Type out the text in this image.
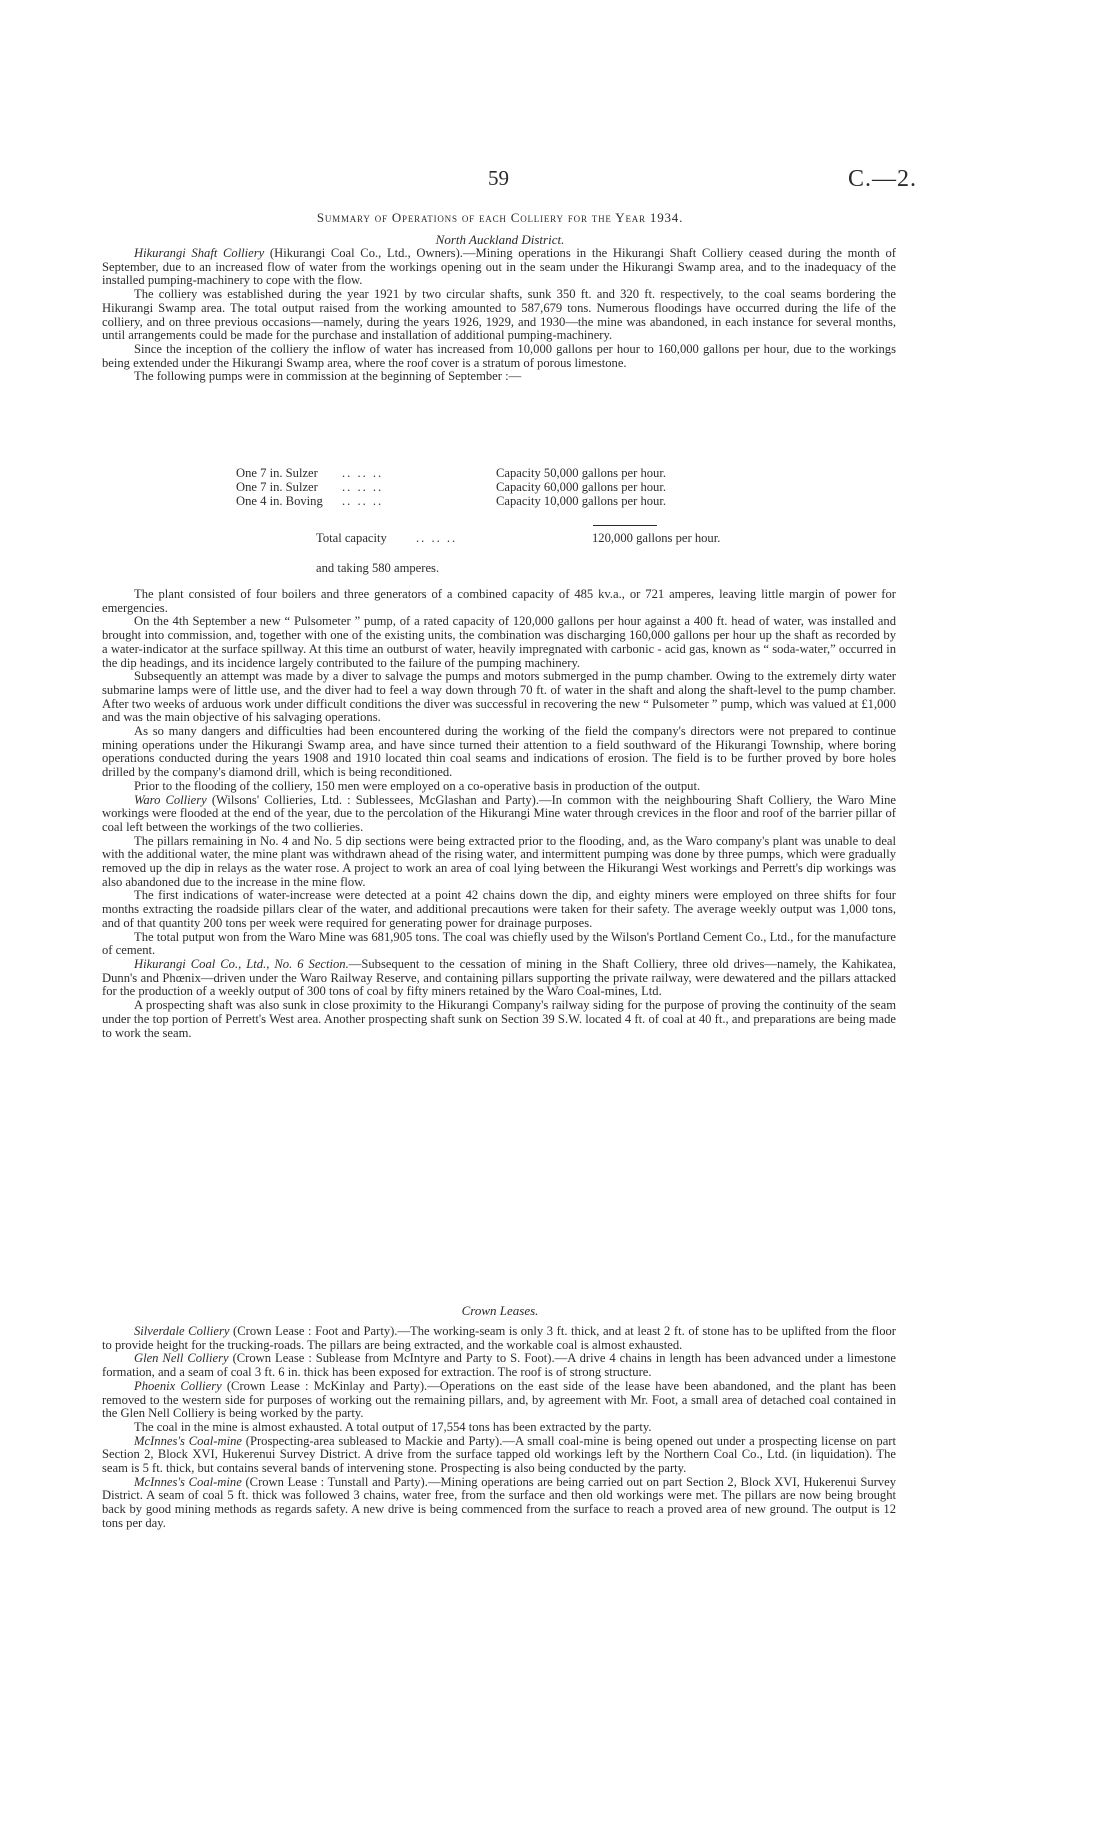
59	C.—2.
Summary of Operations of each Colliery for the Year 1934.
North Auckland District.

Hikurangi Shaft Colliery (Hikurangi Coal Co., Ltd., Owners).—Mining operations in the Hikurangi Shaft Colliery ceased during the month of September, due to an increased flow of water from the workings opening out in the seam under the Hikurangi Swamp area, and to the inadequacy of the installed pumping-machinery to cope with the flow.

The colliery was established during the year 1921 by two circular shafts, sunk 350 ft. and 320 ft. respectively, to the coal seams bordering the Hikurangi Swamp area. The total output raised from the working amounted to 587,679 tons. Numerous floodings have occurred during the life of the colliery, and on three previous occasions—namely, during the years 1926, 1929, and 1930—the mine was abandoned, in each instance for several months, until arrangements could be made for the purchase and installation of additional pumping-machinery.

Since the inception of the colliery the inflow of water has increased from 10,000 gallons per hour to 160,000 gallons per hour, due to the workings being extended under the Hikurangi Swamp area, where the roof cover is a stratum of porous limestone.

The following pumps were in commission at the beginning of September :—

One 7 in. Sulzer	.. .. ..	Capacity 50,000 gallons per hour.
One 7 in. Sulzer	.. .. ..	Capacity 60,000 gallons per hour.
One 4 in. Boving	.. .. ..	Capacity 10,000 gallons per hour.
Total capacity	.. .. ..	120,000 gallons per hour.
and taking 580 amperes.

The plant consisted of four boilers and three generators of a combined capacity of 485 kv.a., or 721 amperes, leaving little margin of power for emergencies.

On the 4th September a new “ Pulsometer ” pump, of a rated capacity of 120,000 gallons per hour against a 400 ft. head of water, was installed and brought into commission, and, together with one of the existing units, the combination was discharging 160,000 gallons per hour up the shaft as recorded by a water-indicator at the surface spillway. At this time an outburst of water, heavily impregnated with carbonic - acid gas, known as “ soda-water,” occurred in the dip headings, and its incidence largely contributed to the failure of the pumping machinery.

Subsequently an attempt was made by a diver to salvage the pumps and motors submerged in the pump chamber. Owing to the extremely dirty water submarine lamps were of little use, and the diver had to feel a way down through 70 ft. of water in the shaft and along the shaft-level to the pump chamber. After two weeks of arduous work under difficult conditions the diver was successful in recovering the new “ Pulsometer ” pump, which was valued at £1,000 and was the main objective of his salvaging operations.

As so many dangers and difficulties had been encountered during the working of the field the company's directors were not prepared to continue mining operations under the Hikurangi Swamp area, and have since turned their attention to a field southward of the Hikurangi Township, where boring operations conducted during the years 1908 and 1910 located thin coal seams and indications of erosion. The field is to be further proved by bore holes drilled by the company's diamond drill, which is being reconditioned.

Prior to the flooding of the colliery, 150 men were employed on a co-operative basis in production of the output.

Waro Colliery (Wilsons' Collieries, Ltd. : Sublessees, McGlashan and Party).—In common with the neighbouring Shaft Colliery, the Waro Mine workings were flooded at the end of the year, due to the percolation of the Hikurangi Mine water through crevices in the floor and roof of the barrier pillar of coal left between the workings of the two collieries.

The pillars remaining in No. 4 and No. 5 dip sections were being extracted prior to the flooding, and, as the Waro company's plant was unable to deal with the additional water, the mine plant was withdrawn ahead of the rising water, and intermittent pumping was done by three pumps, which were gradually removed up the dip in relays as the water rose. A project to work an area of coal lying between the Hikurangi West workings and Perrett's dip workings was also abandoned due to the increase in the mine flow.

The first indications of water-increase were detected at a point 42 chains down the dip, and eighty miners were employed on three shifts for four months extracting the roadside pillars clear of the water, and additional precautions were taken for their safety. The average weekly output was 1,000 tons, and of that quantity 200 tons per week were required for generating power for drainage purposes.

The total putput won from the Waro Mine was 681,905 tons. The coal was chiefly used by the Wilson's Portland Cement Co., Ltd., for the manufacture of cement.

Hikurangi Coal Co., Ltd., No. 6 Section.—Subsequent to the cessation of mining in the Shaft Colliery, three old drives—namely, the Kahikatea, Dunn's and Phœnix—driven under the Waro Railway Reserve, and containing pillars supporting the private railway, were dewatered and the pillars attacked for the production of a weekly output of 300 tons of coal by fifty miners retained by the Waro Coal-mines, Ltd.

A prospecting shaft was also sunk in close proximity to the Hikurangi Company's railway siding for the purpose of proving the continuity of the seam under the top portion of Perrett's West area. Another prospecting shaft sunk on Section 39 S.W. located 4 ft. of coal at 40 ft., and preparations are being made to work the seam.

Crown Leases.

Silverdale Colliery (Crown Lease : Foot and Party).—The working-seam is only 3 ft. thick, and at least 2 ft. of stone has to be uplifted from the floor to provide height for the trucking-roads. The pillars are being extracted, and the workable coal is almost exhausted.

Glen Nell Colliery (Crown Lease : Sublease from McIntyre and Party to S. Foot).—A drive 4 chains in length has been advanced under a limestone formation, and a seam of coal 3 ft. 6 in. thick has been exposed for extraction. The roof is of strong structure.

Phoenix Colliery (Crown Lease : McKinlay and Party).—Operations on the east side of the lease have been abandoned, and the plant has been removed to the western side for purposes of working out the remaining pillars, and, by agreement with Mr. Foot, a small area of detached coal contained in the Glen Nell Colliery is being worked by the party.

The coal in the mine is almost exhausted. A total output of 17,554 tons has been extracted by the party.

McInnes's Coal-mine (Prospecting-area subleased to Mackie and Party).—A small coal-mine is being opened out under a prospecting license on part Section 2, Block XVI, Hukerenui Survey District. A drive from the surface tapped old workings left by the Northern Coal Co., Ltd. (in liquidation). The seam is 5 ft. thick, but contains several bands of intervening stone. Prospecting is also being conducted by the party.

McInnes's Coal-mine (Crown Lease : Tunstall and Party).—Mining operations are being carried out on part Section 2, Block XVI, Hukerenui Survey District. A seam of coal 5 ft. thick was followed 3 chains, water free, from the surface and then old workings were met. The pillars are now being brought back by good mining methods as regards safety. A new drive is being commenced from the surface to reach a proved area of new ground. The output is 12 tons per day.
